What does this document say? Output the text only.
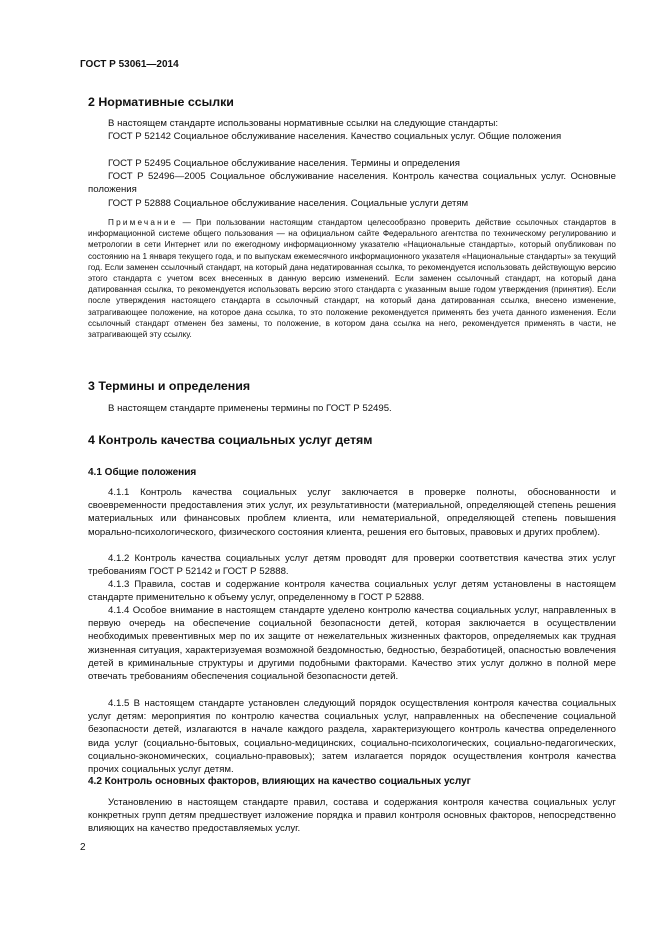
ГОСТ Р 53061—2014

2 Нормативные ссылки

В настоящем стандарте использованы нормативные ссылки на следующие стандарты:

ГОСТ Р 52142 Социальное обслуживание населения. Качество социальных услуг. Общие положения

ГОСТ Р 52495 Социальное обслуживание населения. Термины и определения

ГОСТ Р 52496—2005 Социальное обслуживание населения. Контроль качества социальных услуг. Основные положения

ГОСТ Р 52888 Социальное обслуживание населения. Социальные услуги детям

Примечание — При пользовании настоящим стандартом целесообразно проверить действие ссылочных стандартов в информационной системе общего пользования — на официальном сайте Федерального агентства по техническому регулированию и метрологии в сети Интернет или по ежегодному информационному указателю «Национальные стандарты», который опубликован по состоянию на 1 января текущего года, и по выпускам ежемесячного информационного указателя «Национальные стандарты» за текущий год. Если заменен ссылочный стандарт, на который дана недатированная ссылка, то рекомендуется использовать действующую версию этого стандарта с учетом всех внесенных в данную версию изменений. Если заменен ссылочный стандарт, на который дана датированная ссылка, то рекомендуется использовать версию этого стандарта с указанным выше годом утверждения (принятия). Если после утверждения настоящего стандарта в ссылочный стандарт, на который дана датированная ссылка, внесено изменение, затрагивающее положение, на которое дана ссылка, то это положение рекомендуется применять без учета данного изменения. Если ссылочный стандарт отменен без замены, то положение, в котором дана ссылка на него, рекомендуется применять в части, не затрагивающей эту ссылку.

3 Термины и определения

В настоящем стандарте применены термины по ГОСТ Р 52495.

4 Контроль качества социальных услуг детям

4.1 Общие положения

4.1.1 Контроль качества социальных услуг заключается в проверке полноты, обоснованности и своевременности предоставления этих услуг, их результативности (материальной, определяющей степень решения материальных или финансовых проблем клиента, или нематериальной, определяющей степень повышения морально-психологического, физического состояния клиента, решения его бытовых, правовых и других проблем).

4.1.2 Контроль качества социальных услуг детям проводят для проверки соответствия качества этих услуг требованиям ГОСТ Р 52142 и ГОСТ Р 52888.

4.1.3 Правила, состав и содержание контроля качества социальных услуг детям установлены в настоящем стандарте применительно к объему услуг, определенному в ГОСТ Р 52888.

4.1.4 Особое внимание в настоящем стандарте уделено контролю качества социальных услуг, направленных в первую очередь на обеспечение социальной безопасности детей, которая заключается в осуществлении необходимых превентивных мер по их защите от нежелательных жизненных факторов, определяемых как трудная жизненная ситуация, характеризуемая возможной бездомностью, бедностью, безработицей, опасностью вовлечения детей в криминальные структуры и другими подобными факторами. Качество этих услуг должно в полной мере отвечать требованиям обеспечения социальной безопасности детей.

4.1.5 В настоящем стандарте установлен следующий порядок осуществления контроля качества социальных услуг детям: мероприятия по контролю качества социальных услуг, направленных на обеспечение социальной безопасности детей, излагаются в начале каждого раздела, характеризующего контроль качества определенного вида услуг (социально-бытовых, социально-медицинских, социально-психологических, социально-педагогических, социально-экономических, социально-правовых); затем излагается порядок осуществления контроля качества прочих социальных услуг детям.

4.2 Контроль основных факторов, влияющих на качество социальных услуг

Установлению в настоящем стандарте правил, состава и содержания контроля качества социальных услуг конкретных групп детям предшествует изложение порядка и правил контроля основных факторов, непосредственно влияющих на качество предоставляемых услуг.

2
